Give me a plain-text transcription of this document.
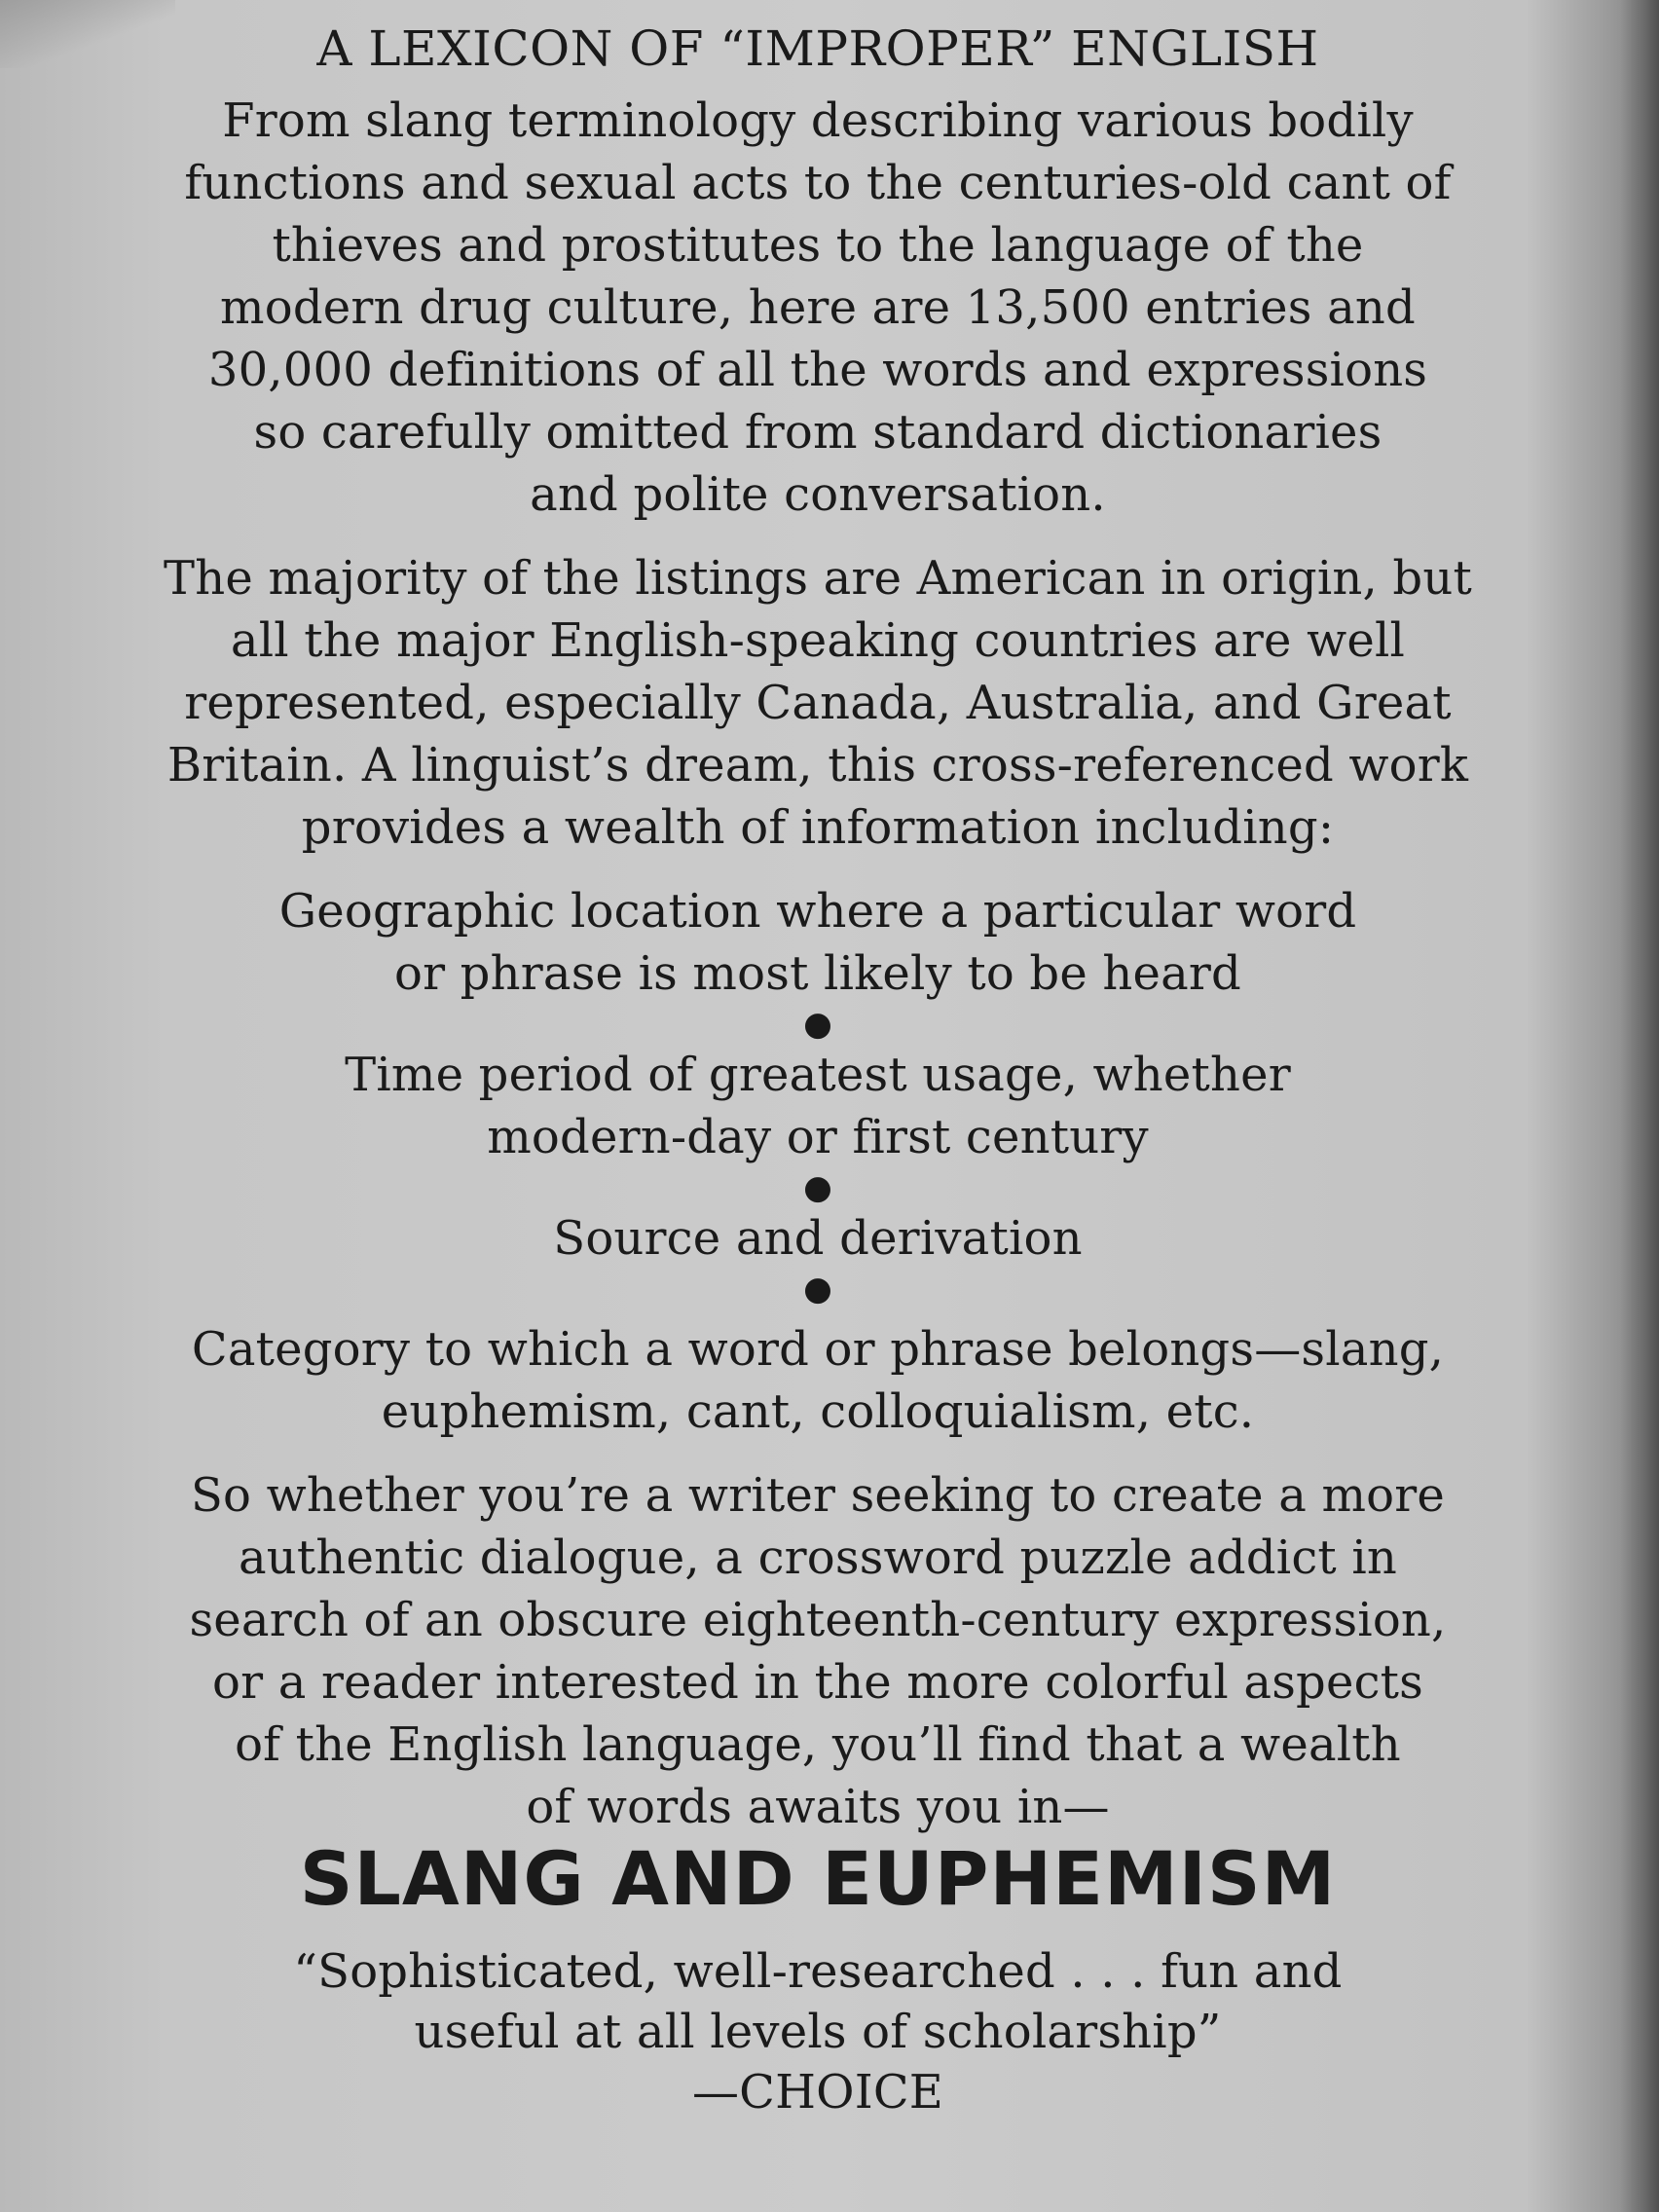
A LEXICON OF “IMPROPER” ENGLISH
From slang terminology describing various bodily
functions and sexual acts to the centuries-old cant of
thieves and prostitutes to the language of the
modern drug culture, here are 13,500 entries and
30,000 definitions of all the words and expressions
so carefully omitted from standard dictionaries
and polite conversation.
The majority of the listings are American in origin, but
all the major English-speaking countries are well
represented, especially Canada, Australia, and Great
Britain. A linguist’s dream, this cross-referenced work
provides a wealth of information including:
Geographic location where a particular word
or phrase is most likely to be heard
●
Time period of greatest usage, whether
modern-day or first century
●
Source and derivation
●
Category to which a word or phrase belongs—slang,
euphemism, cant, colloquialism, etc.
So whether you’re a writer seeking to create a more
authentic dialogue, a crossword puzzle addict in
search of an obscure eighteenth-century expression,
or a reader interested in the more colorful aspects
of the English language, you’ll find that a wealth
of words awaits you in—
SLANG AND EUPHEMISM
“Sophisticated, well-researched . . . fun and
useful at all levels of scholarship”
—CHOICE
